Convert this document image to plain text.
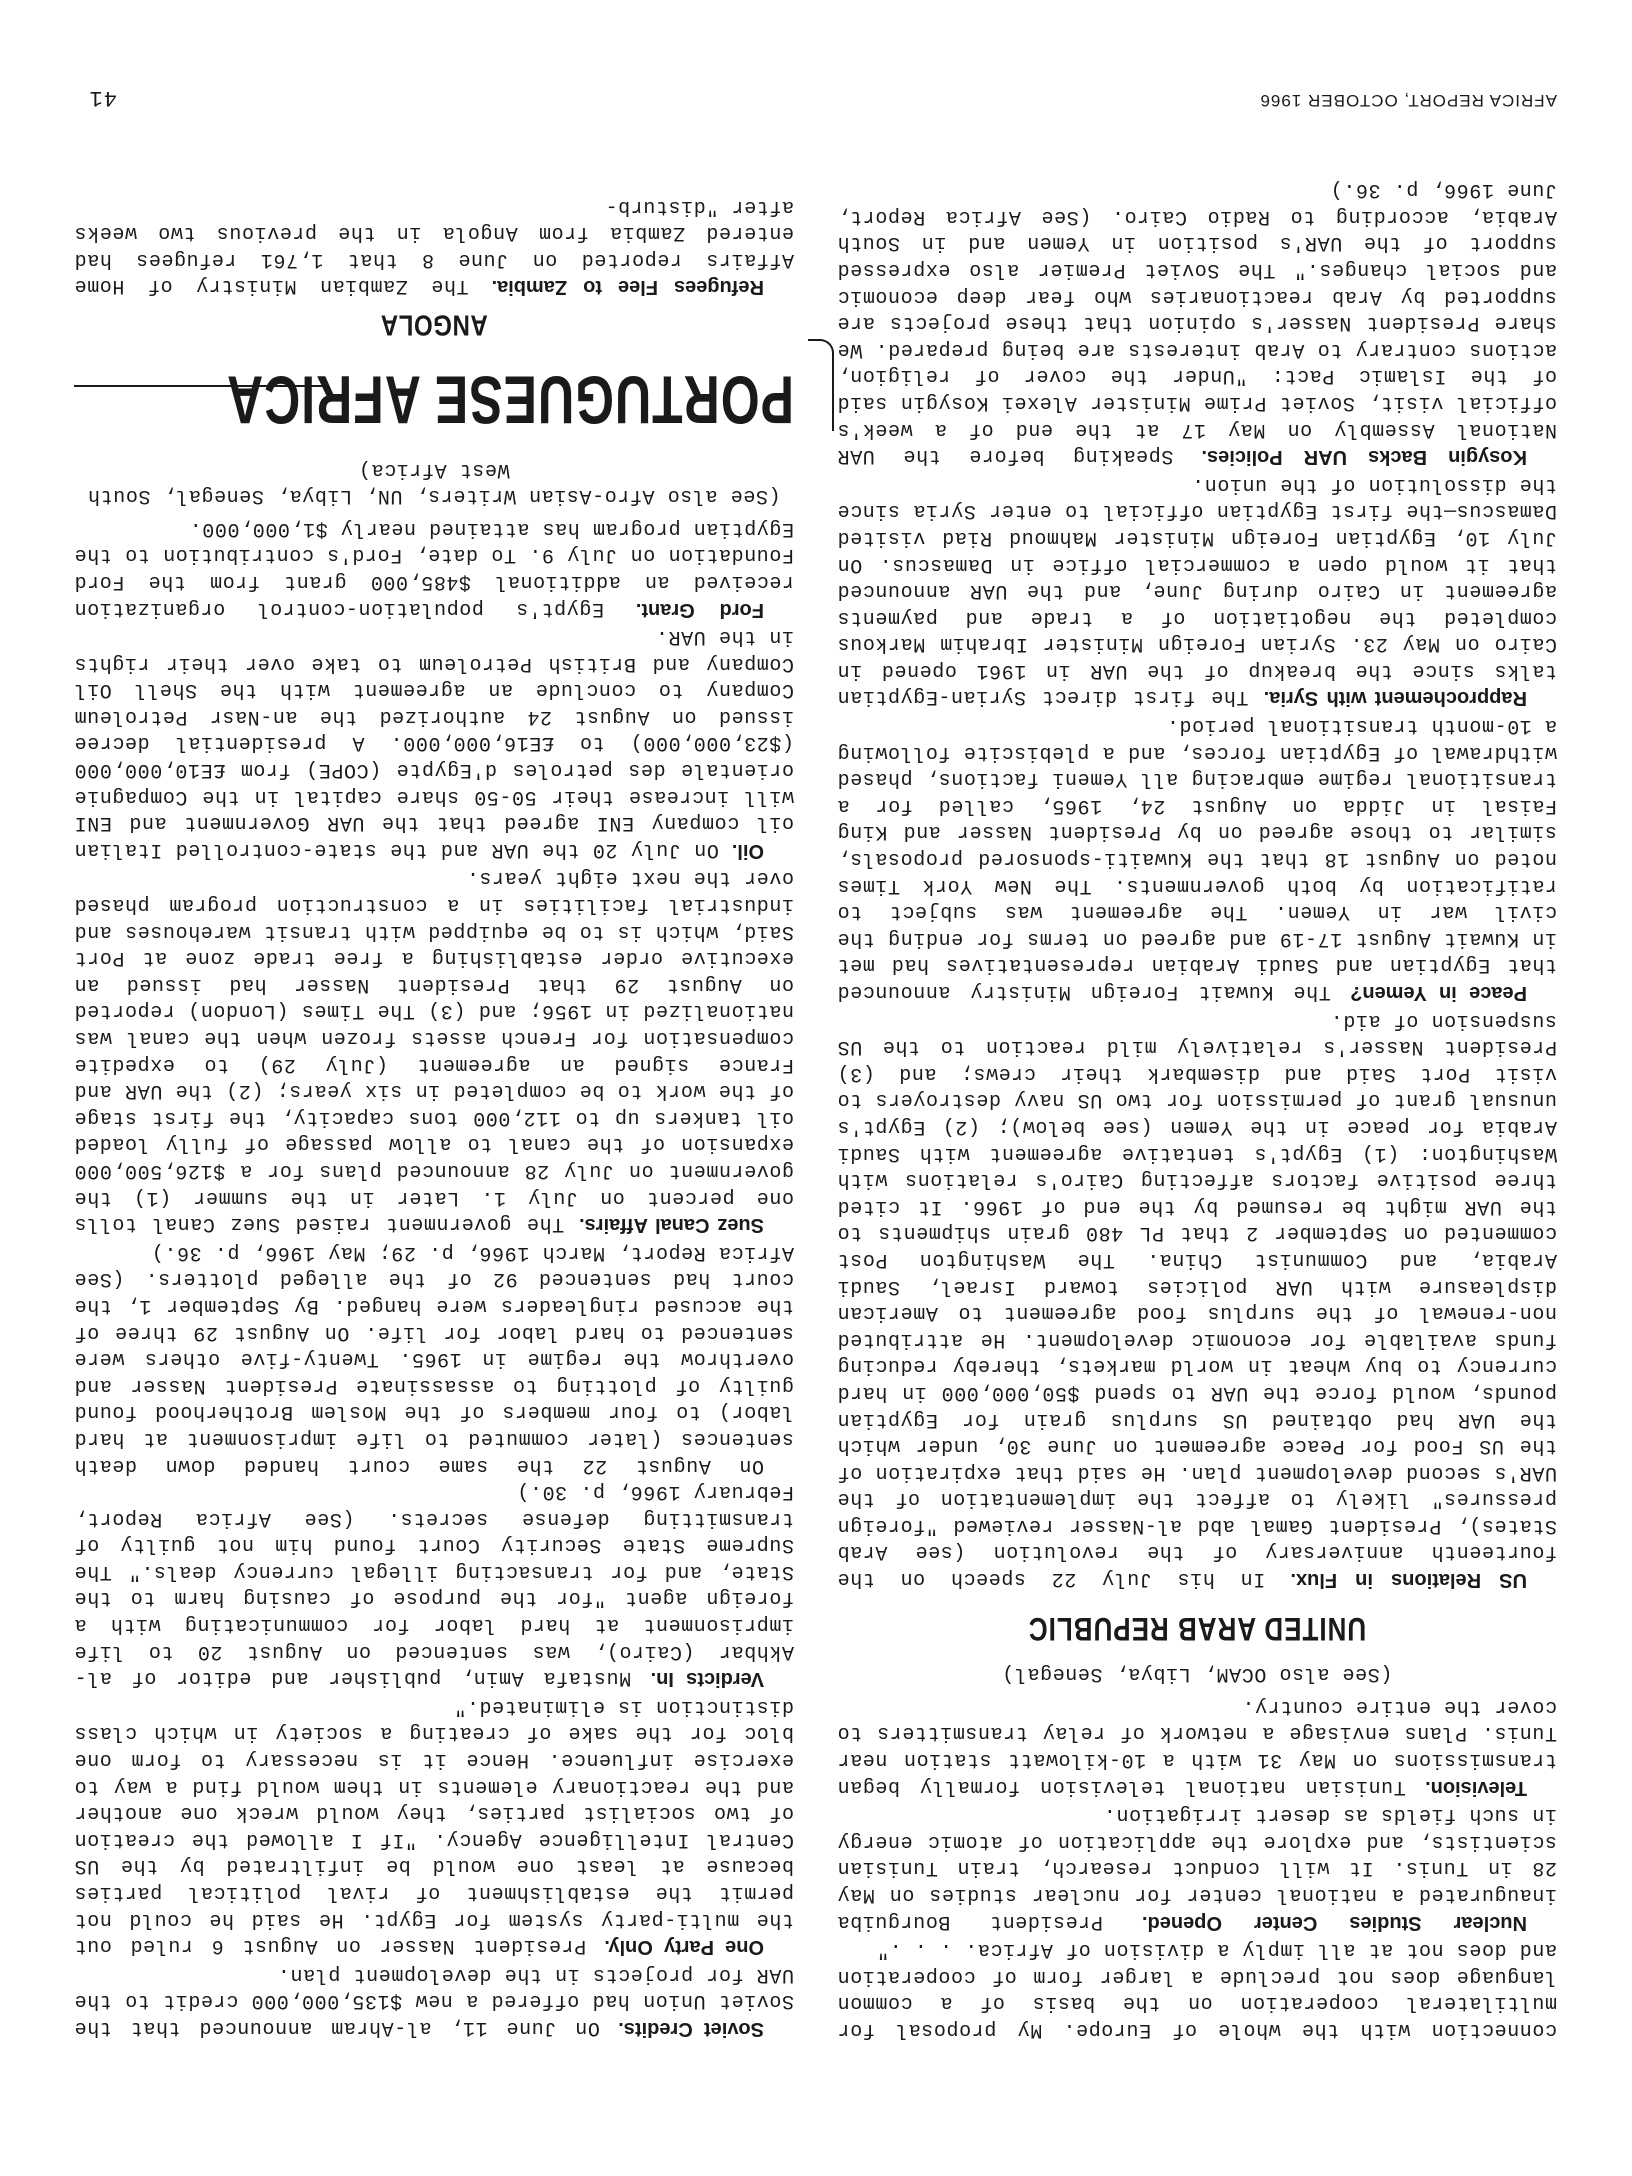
connection with the whole of Europe. My proposal for multilateral cooperation on the basis of a common language does not preclude a larger form of cooperation and does not at all imply a division of Africa. . . ."

Nuclear Studies Center Opened. President Bourguiba inaugurated a national center for nuclear studies on May 28 in Tunis. It will conduct research, train Tunisian scientists, and explore the application of atomic energy in such fields as desert irrigation.

Television. Tunisian national television formally began transmissions on May 31 with a 10-kilowatt station near Tunis. Plans envisage a network of relay transmitters to cover the entire country.

(See also OCAM, Libya, Senegal)

UNITED ARAB REPUBLIC

US Relations in Flux. In his July 22 speech on the fourteenth anniversary of the revolution (see Arab States), President Gamal abd al-Nasser reviewed "foreign pressures" likely to affect the implementation of the UAR's second development plan. He said that expiration of the US Food for Peace agreement on June 30, under which the UAR had obtained US surplus grain for Egyptian pounds, would force the UAR to spend $50,000,000 in hard currency to buy wheat in world markets, thereby reducing funds available for economic development. He attributed non-renewal of the surplus food agreement to American displeasure with UAR policies toward Israel, Saudi Arabia, and Communist China. The Washington Post commented on September 2 that PL 480 grain shipments to the UAR might be resumed by the end of 1966. It cited three positive factors affecting Cairo's relations with Washington: (1) Egypt's tentative agreement with Saudi Arabia for peace in the Yemen (see below); (2) Egypt's unusual grant of permission for two US navy destroyers to visit Port Said and disembark their crews; and (3) President Nasser's relatively mild reaction to the US suspension of aid.

Peace in Yemen? The Kuwait Foreign Ministry announced that Egyptian and Saudi Arabian representatives had met in Kuwait August 17-19 and agreed on terms for ending the civil war in Yemen. The agreement was subject to ratification by both governments. The New York Times noted on August 18 that the Kuwaiti-sponsored proposals, similar to those agreed on by President Nasser and King Faisal in Jidda on August 24, 1965, called for a transitional regime embracing all Yemeni factions, phased withdrawal of Egyptian forces, and a plebiscite following a 10-month transitional period.

Rapprochement with Syria. The first direct Syrian-Egyptian talks since the breakup of the UAR in 1961 opened in Cairo on May 23. Syrian Foreign Minister Ibrahim Markous completed the negotiation of a trade and payments agreement in Cairo during June, and the UAR announced that it would open a commercial office in Damascus. On July 10, Egyptian Foreign Minister Mahmoud Riad visited Damascus—the first Egyptian official to enter Syria since the dissolution of the union.

Kosygin Backs UAR Policies. Speaking before the UAR National Assembly on May 17 at the end of a week's official visit, Soviet Prime Minister Alexei Kosygin said of the Islamic Pact: "Under the cover of religion, actions contrary to Arab interests are being prepared. We share President Nasser's opinion that these projects are supported by Arab reactionaries who fear deep economic and social changes." The Soviet Premier also expressed support of the UAR's position in Yemen and in South Arabia, according to Radio Cairo. (See Africa Report, June 1966, p. 36.)

Soviet Credits. On June 11, al-Ahram announced that the Soviet Union had offered a new $135,000,000 credit to the UAR for projects in the development plan.

One Party Only. President Nasser on August 6 ruled out the multi-party system for Egypt. He said he could not permit the establishment of rival political parties because at least one would be infiltrated by the US Central Intelligence Agency. "If I allowed the creation of two socialist parties, they would wreck one another and the reactionary elements in them would find a way to exercise influence. Hence it is necessary to form one bloc for the sake of creating a society in which class distinction is eliminated."

Verdicts In. Mustafa Amin, publisher and editor of al-Akhbar (Cairo), was sentenced on August 20 to life imprisonment at hard labor for communicating with a foreign agent "for the purpose of causing harm to the State, and for transacting illegal currency deals." The Supreme State Security Court found him not guilty of transmitting defense secrets. (See Africa Report, February 1966, p. 30.)

On August 22 the same court handed down death sentences (later commuted to life imprisonment at hard labor) to four members of the Moslem Brotherhood found guilty of plotting to assassinate President Nasser and overthrow the regime in 1965. Twenty-five others were sentenced to hard labor for life. On August 29 three of the accused ringleaders were hanged. By September 1, the court had sentenced 92 of the alleged plotters. (See Africa Report, March 1966, p. 29; May 1966, p. 36.)

Suez Canal Affairs. The government raised Suez Canal tolls one percent on July 1. Later in the summer (1) the government on July 28 announced plans for a $126,500,000 expansion of the canal to allow passage of fully loaded oil tankers up to 112,000 tons capacity, the first stage of the work to be completed in six years; (2) the UAR and France signed an agreement (July 29) to expedite compensation for French assets frozen when the canal was nationalized in 1956; and (3) The Times (London) reported on August 29 that President Nasser had issued an executive order establishing a free trade zone at Port Said, which is to be equipped with transit warehouses and industrial facilities in a construction program phased over the next eight years.

Oil. On July 20 the UAR and the state-controlled Italian oil company ENI agreed that the UAR Government and ENI will increase their 50-50 share capital in the Compagnie orientale des petroles d'Egypte (COPE) from £E10,000,000 ($23,000,000) to £E16,000,000. A presidential decree issued on August 24 authorized the an-Nasr Petroleum Company to conclude an agreement with the Shell Oil Company and British Petroleum to take over their rights in the UAR.

Ford Grant. Egypt's population-control organization received an additional $485,000 grant from the Ford Foundation on July 9. To date, Ford's contribution to the Egyptian program has attained nearly $1,000,000.

(See also Afro-Asian Writers, UN, Libya, Senegal, South West Africa)

PORTUGUESE AFRICA
ANGOLA

Refugees Flee to Zambia. The Zambian Ministry of Home Affairs reported on June 8 that 1,761 refugees had entered Zambia from Angola in the previous two weeks after "disturb-

AFRICA REPORT, OCTOBER 1966
41
